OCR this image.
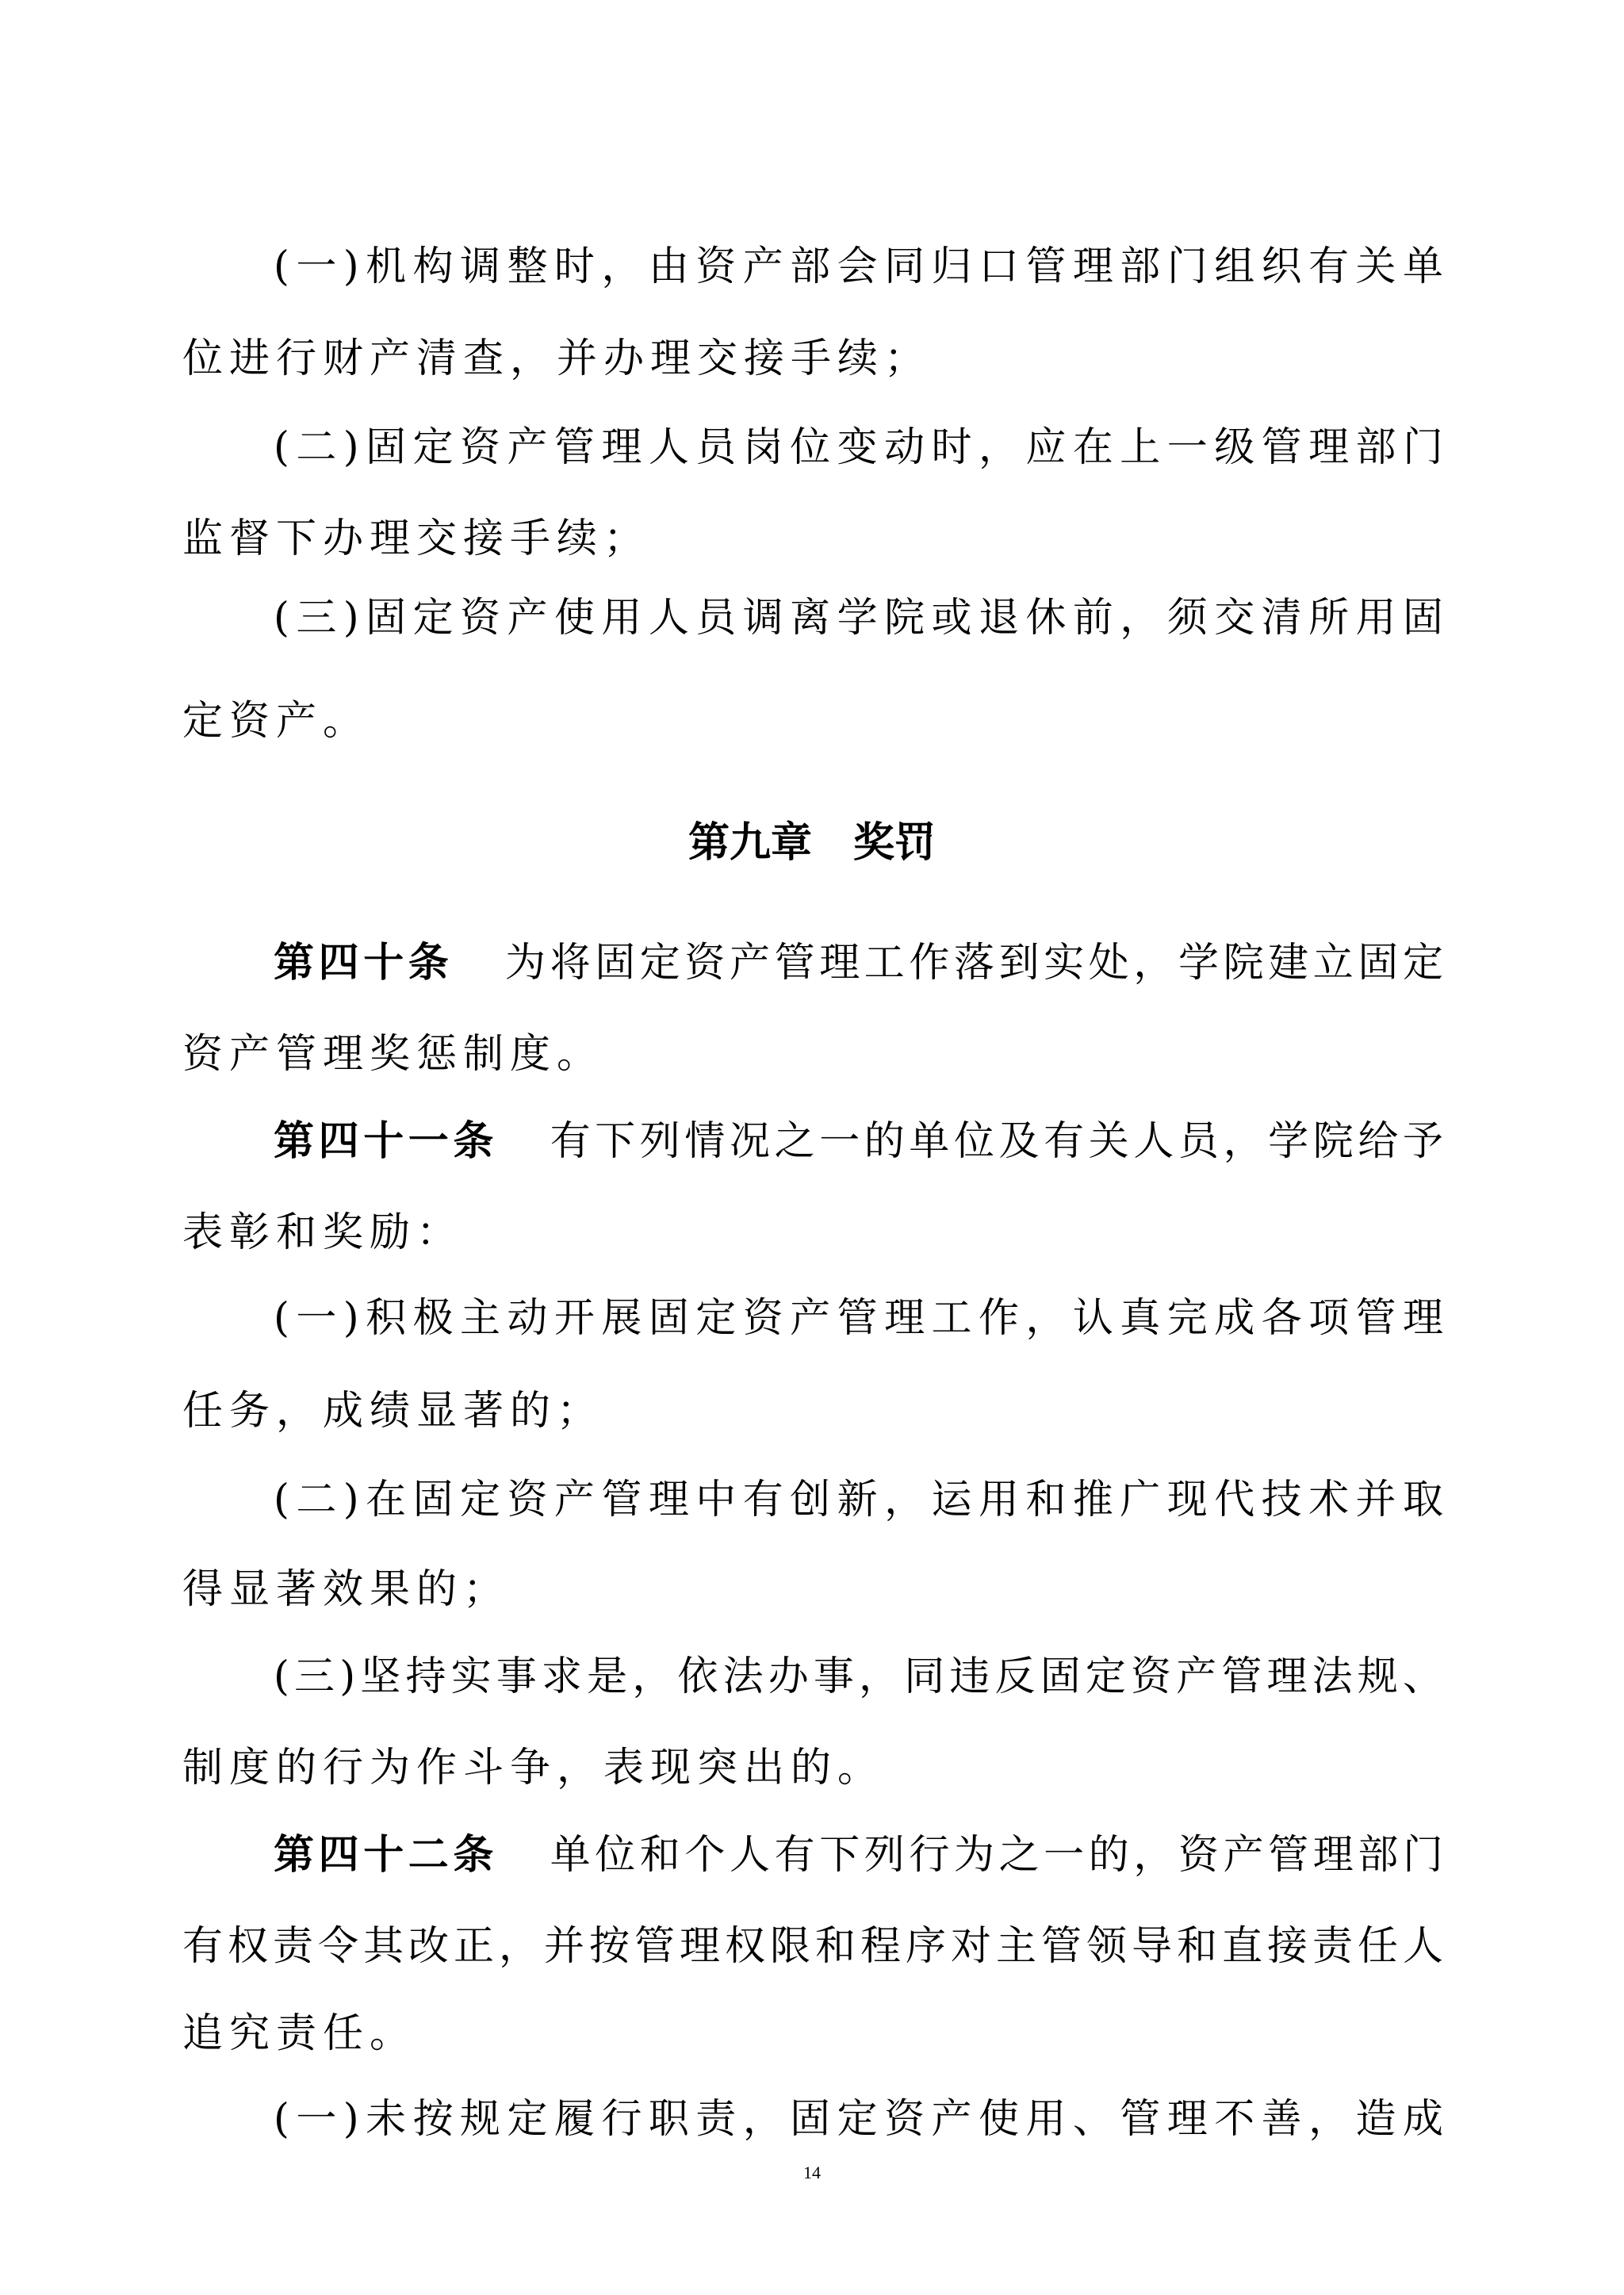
(一)机构调整时，由资产部会同归口管理部门组织有关单
位进行财产清查，并办理交接手续；
(二)固定资产管理人员岗位变动时，应在上一级管理部门
监督下办理交接手续；
(三)固定资产使用人员调离学院或退休前，须交清所用固
定资产。
第九章　奖罚
第四十条 为将固定资产管理工作落到实处，学院建立固定
资产管理奖惩制度。
第四十一条 有下列情况之一的单位及有关人员，学院给予
表彰和奖励：
(一)积极主动开展固定资产管理工作，认真完成各项管理
任务，成绩显著的；
(二)在固定资产管理中有创新，运用和推广现代技术并取
得显著效果的；
(三)坚持实事求是，依法办事，同违反固定资产管理法规、
制度的行为作斗争，表现突出的。
第四十二条 单位和个人有下列行为之一的，资产管理部门
有权责令其改正，并按管理权限和程序对主管领导和直接责任人
追究责任。
(一)未按规定履行职责，固定资产使用、管理不善，造成
14
